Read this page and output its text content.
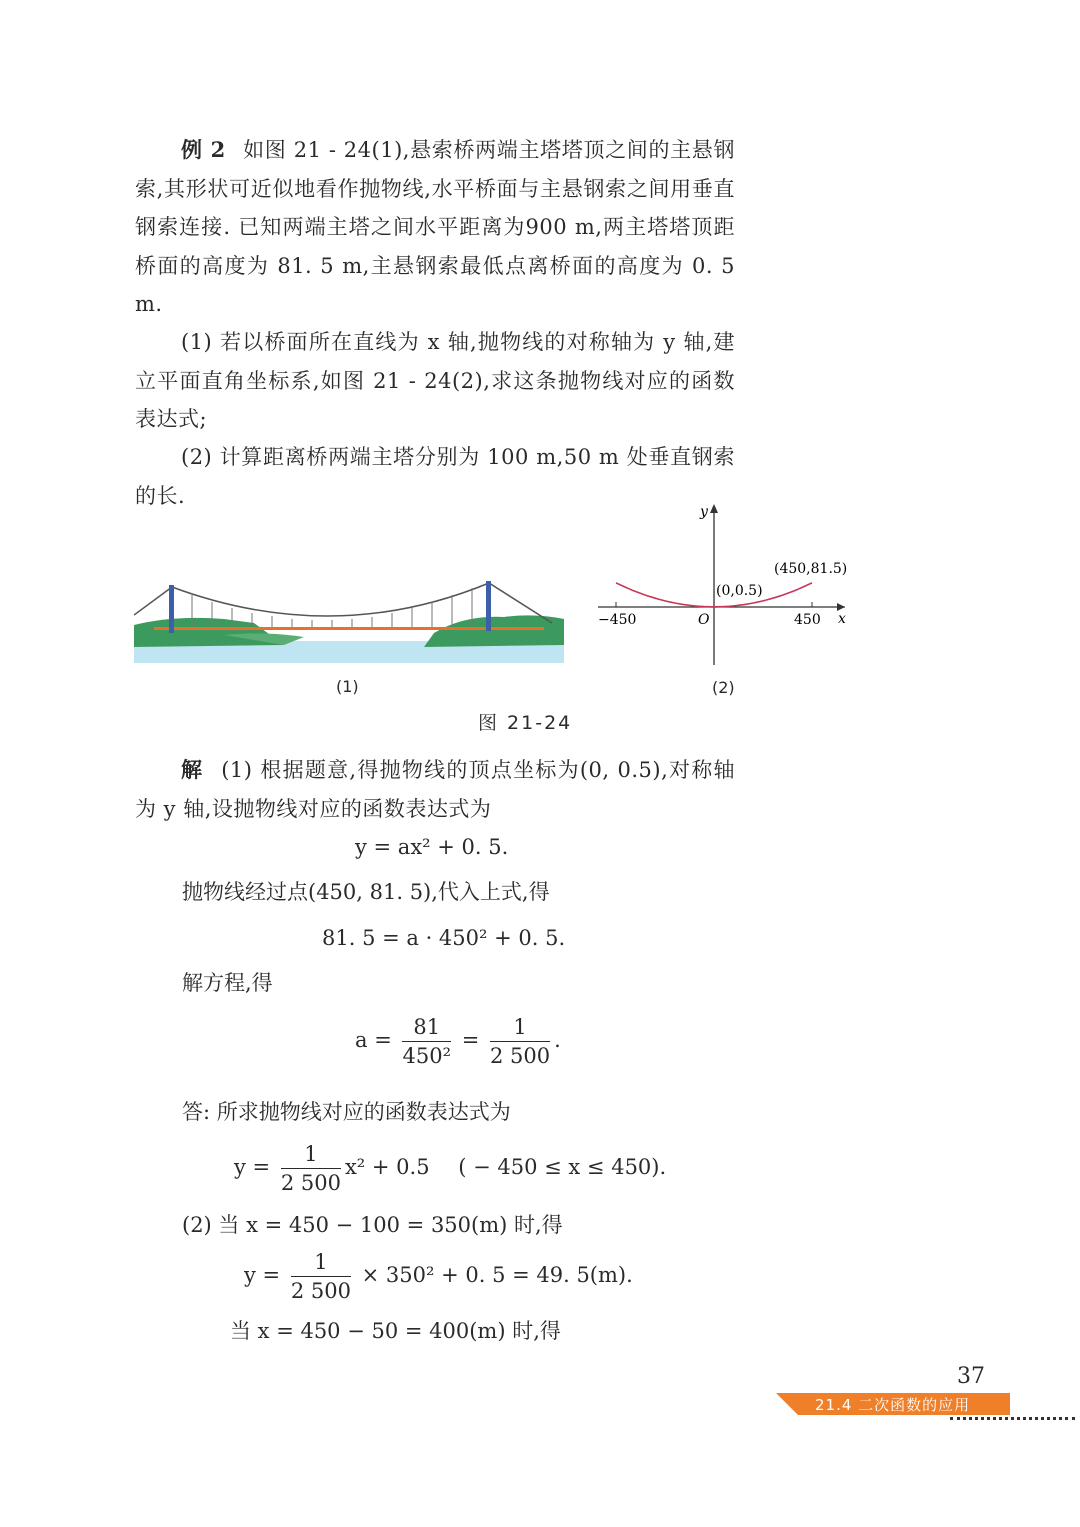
例 2 如图 21 - 24(1),悬索桥两端主塔塔顶之间的主悬钢索,其形状可近似地看作抛物线,水平桥面与主悬钢索之间用垂直钢索连接. 已知两端主塔之间水平距离为900 m,两主塔塔顶距桥面的高度为 81. 5 m,主悬钢索最低点离桥面的高度为 0. 5 m.
(1) 若以桥面所在直线为 x 轴,抛物线的对称轴为 y 轴,建立平面直角坐标系,如图 21 - 24(2),求这条抛物线对应的函数表达式;
(2) 计算距离桥两端主塔分别为 100 m,50 m 处垂直钢索的长.
y
x
O
−450	450
(0,0.5)
(450,81.5)
(1)	(2)
图 21-24
解 (1) 根据题意,得抛物线的顶点坐标为(0, 0.5),对称轴为 y 轴,设抛物线对应的函数表达式为
y = ax² + 0. 5.
抛物线经过点(450, 81. 5),代入上式,得
81. 5 = a · 450² + 0. 5.
解方程,得
$a = \frac{81}{\text{450²}} = \frac{1}{2 500}$ .
答: 所求抛物线对应的函数表达式为
$y = \frac{1}{2 500} x^2 + 0.5$ ( − 450 ≤ x ≤ 450).
(2) 当 x = 450 − 100 = 350(m) 时,得
$y = \frac{1}{2 500} \times 350^2 + 0$. 5 = 49. 5(m).
当 x = 450 − 50 = 400(m) 时,得
37
21.4 二次函数的应用
